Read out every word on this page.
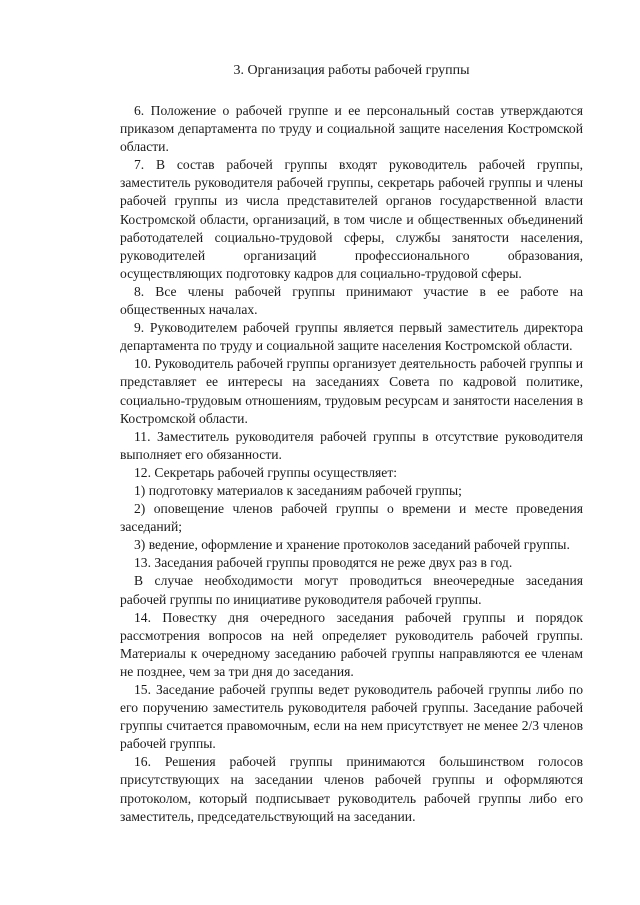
3. Организация работы рабочей группы

6. Положение о рабочей группе и ее персональный состав утверждаются приказом департамента по труду и социальной защите населения Костромской области.

7. В состав рабочей группы входят руководитель рабочей группы, заместитель руководителя рабочей группы, секретарь рабочей группы и члены рабочей группы из числа представителей органов государственной власти Костромской области, организаций, в том числе и общественных объединений работодателей социально-трудовой сферы, службы занятости населения, руководителей организаций профессионального образования, осуществляющих подготовку кадров для социально-трудовой сферы.

8. Все члены рабочей группы принимают участие в ее работе на общественных началах.

9. Руководителем рабочей группы является первый заместитель директора департамента по труду и социальной защите населения Костромской области.

10. Руководитель рабочей группы организует деятельность рабочей группы и представляет ее интересы на заседаниях Совета по кадровой политике, социально-трудовым отношениям, трудовым ресурсам и занятости населения в Костромской области.

11. Заместитель руководителя рабочей группы в отсутствие руководителя выполняет его обязанности.

12. Секретарь рабочей группы осуществляет:

1) подготовку материалов к заседаниям рабочей группы;

2) оповещение членов рабочей группы о времени и месте проведения заседаний;

3) ведение, оформление и хранение протоколов заседаний рабочей группы.

13. Заседания рабочей группы проводятся не реже двух раз в год.

В случае необходимости могут проводиться внеочередные заседания рабочей группы по инициативе руководителя рабочей группы.

14. Повестку дня очередного заседания рабочей группы и порядок рассмотрения вопросов на ней определяет руководитель рабочей группы. Материалы к очередному заседанию рабочей группы направляются ее членам не позднее, чем за три дня до заседания.

15. Заседание рабочей группы ведет руководитель рабочей группы либо по его поручению заместитель руководителя рабочей группы. Заседание рабочей группы считается правомочным, если на нем присутствует не менее 2/3 членов рабочей группы.

16. Решения рабочей группы принимаются большинством голосов присутствующих на заседании членов рабочей группы и оформляются протоколом, который подписывает руководитель рабочей группы либо его заместитель, председательствующий на заседании.
